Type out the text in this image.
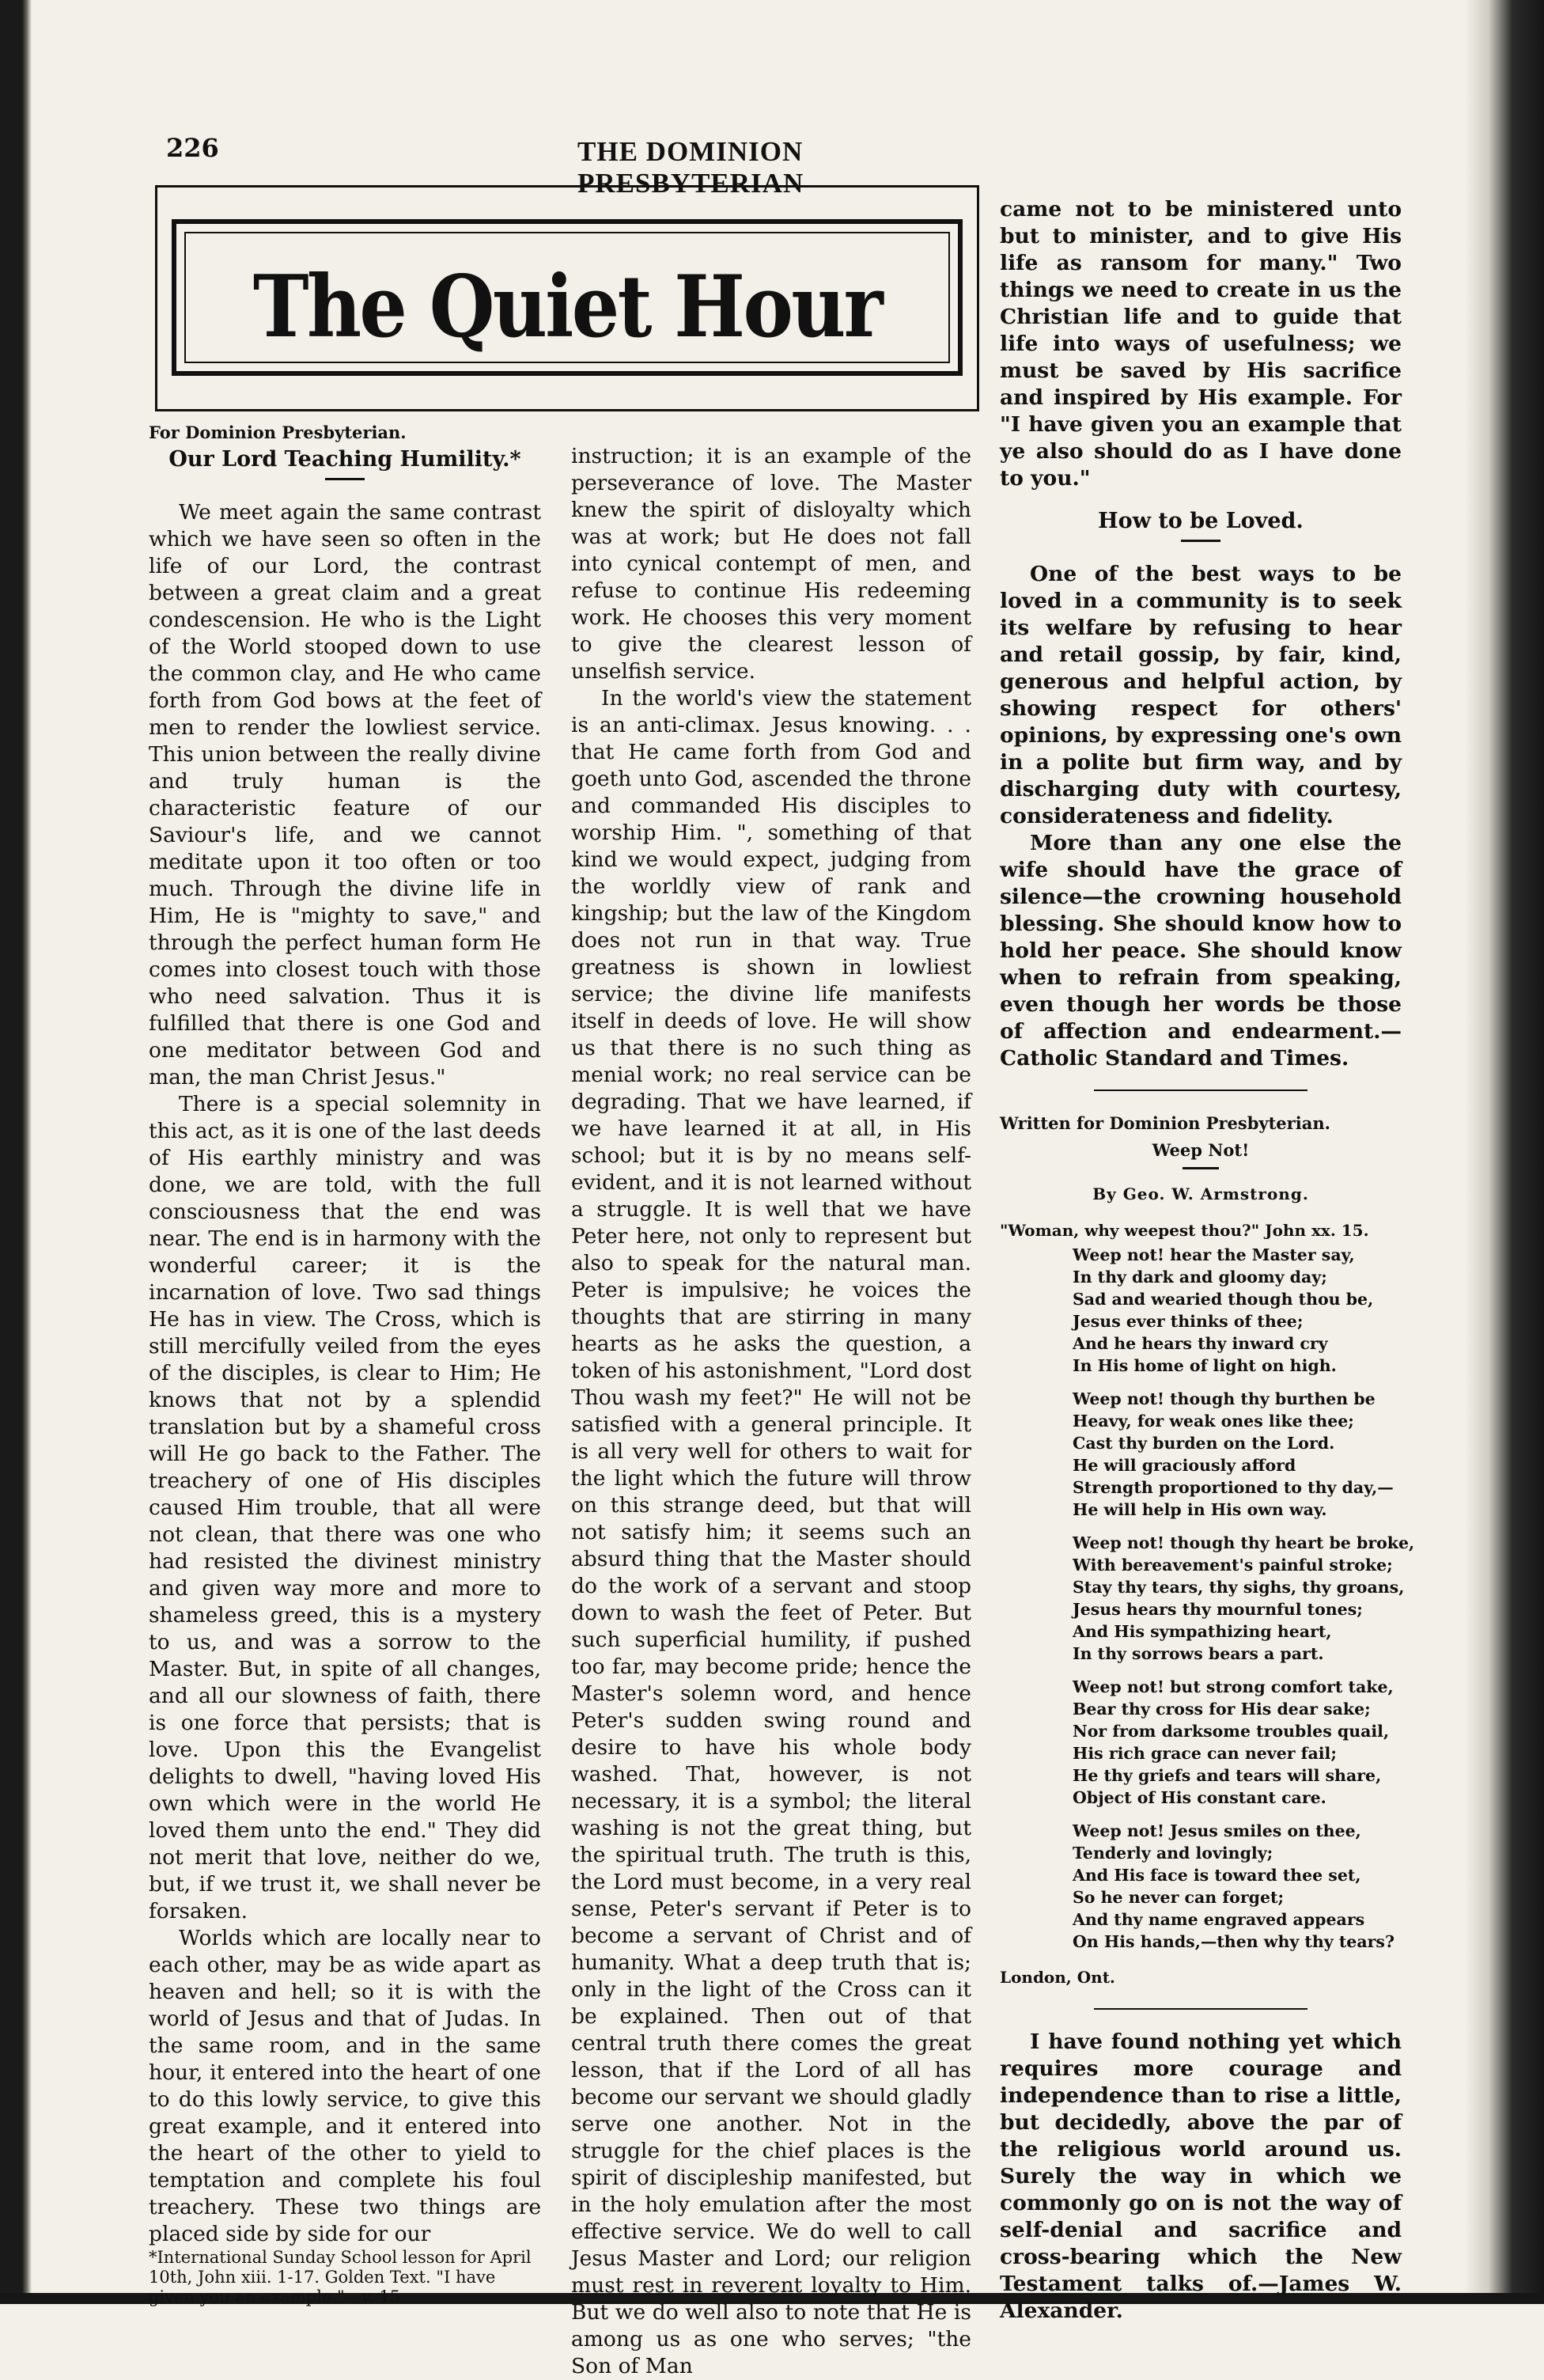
226	THE DOMINION PRESBYTERIAN
The Quiet Hour

For Dominion Presbyterian.

Our Lord Teaching Humility.*

We meet again the same contrast which we have seen so often in the life of our Lord, the contrast between a great claim and a great condescension. He who is the Light of the World stooped down to use the common clay, and He who came forth from God bows at the feet of men to render the lowliest service. This union between the really divine and truly human is the characteristic feature of our Saviour's life, and we cannot meditate upon it too often or too much. Through the divine life in Him, He is "mighty to save," and through the perfect human form He comes into closest touch with those who need salvation. Thus it is fulfilled that there is one God and one meditator between God and man, the man Christ Jesus."

There is a special solemnity in this act, as it is one of the last deeds of His earthly ministry and was done, we are told, with the full consciousness that the end was near. The end is in harmony with the wonderful career; it is the incarnation of love. Two sad things He has in view. The Cross, which is still mercifully veiled from the eyes of the disciples, is clear to Him; He knows that not by a splendid translation but by a shameful cross will He go back to the Father. The treachery of one of His disciples caused Him trouble, that all were not clean, that there was one who had resisted the divinest ministry and given way more and more to shameless greed, this is a mystery to us, and was a sorrow to the Master. But, in spite of all changes, and all our slowness of faith, there is one force that persists; that is love. Upon this the Evangelist delights to dwell, "having loved His own which were in the world He loved them unto the end." They did not merit that love, neither do we, but, if we trust it, we shall never be forsaken.

Worlds which are locally near to each other, may be as wide apart as heaven and hell; so it is with the world of Jesus and that of Judas. In the same room, and in the same hour, it entered into the heart of one to do this lowly service, to give this great example, and it entered into the heart of the other to yield to temptation and complete his foul treachery. These two things are placed side by side for our

*International Sunday School lesson for April 10th, John xiii. 1-17. Golden Text. "I have given you an example."—v. 15.

instruction; it is an example of the perseverance of love. The Master knew the spirit of disloyalty which was at work; but He does not fall into cynical contempt of men, and refuse to continue His redeeming work. He chooses this very moment to give the clearest lesson of unselfish service.

In the world's view the statement is an anti-climax. Jesus knowing. . . that He came forth from God and goeth unto God, ascended the throne and commanded His disciples to worship Him. ", something of that kind we would expect, judging from the worldly view of rank and kingship; but the law of the Kingdom does not run in that way. True greatness is shown in lowliest service; the divine life manifests itself in deeds of love. He will show us that there is no such thing as menial work; no real service can be degrading. That we have learned, if we have learned it at all, in His school; but it is by no means self-evident, and it is not learned without a struggle. It is well that we have Peter here, not only to represent but also to speak for the natural man. Peter is impulsive; he voices the thoughts that are stirring in many hearts as he asks the question, a token of his astonishment, "Lord dost Thou wash my feet?" He will not be satisfied with a general principle. It is all very well for others to wait for the light which the future will throw on this strange deed, but that will not satisfy him; it seems such an absurd thing that the Master should do the work of a servant and stoop down to wash the feet of Peter. But such superficial humility, if pushed too far, may become pride; hence the Master's solemn word, and hence Peter's sudden swing round and desire to have his whole body washed. That, however, is not necessary, it is a symbol; the literal washing is not the great thing, but the spiritual truth. The truth is this, the Lord must become, in a very real sense, Peter's servant if Peter is to become a servant of Christ and of humanity. What a deep truth that is; only in the light of the Cross can it be explained. Then out of that central truth there comes the great lesson, that if the Lord of all has become our servant we should gladly serve one another. Not in the struggle for the chief places is the spirit of discipleship manifested, but in the holy emulation after the most effective service. We do well to call Jesus Master and Lord; our religion must rest in reverent loyalty to Him. But we do well also to note that He is among us as one who serves; "the Son of Man

came not to be ministered unto but to minister, and to give His life as ransom for many." Two things we need to create in us the Christian life and to guide that life into ways of usefulness; we must be saved by His sacrifice and inspired by His example. For "I have given you an example that ye also should do as I have done to you."

How to be Loved.

One of the best ways to be loved in a community is to seek its welfare by refusing to hear and retail gossip, by fair, kind, generous and helpful action, by showing respect for others' opinions, by expressing one's own in a polite but firm way, and by discharging duty with courtesy, considerateness and fidelity.

More than any one else the wife should have the grace of silence—the crowning household blessing. She should know how to hold her peace. She should know when to refrain from speaking, even though her words be those of affection and endearment.—Catholic Standard and Times.

Written for Dominion Presbyterian.

Weep Not!
By Geo. W. Armstrong.

"Woman, why weepest thou?" John xx. 15.

Weep not! hear the Master say,
In thy dark and gloomy day;
Sad and wearied though thou be,
Jesus ever thinks of thee;
And he hears thy inward cry
In His home of light on high.
Weep not! though thy burthen be
Heavy, for weak ones like thee;
Cast thy burden on the Lord.
He will graciously afford
Strength proportioned to thy day,—
He will help in His own way.
Weep not! though thy heart be broke,
With bereavement's painful stroke;
Stay thy tears, thy sighs, thy groans,
Jesus hears thy mournful tones;
And His sympathizing heart,
In thy sorrows bears a part.
Weep not! but strong comfort take,
Bear thy cross for His dear sake;
Nor from darksome troubles quail,
His rich grace can never fail;
He thy griefs and tears will share,
Object of His constant care.
Weep not! Jesus smiles on thee,
Tenderly and lovingly;
And His face is toward thee set,
So he never can forget;
And thy name engraved appears
On His hands,—then why thy tears?

London, Ont.

I have found nothing yet which requires more courage and independence than to rise a little, but decidedly, above the par of the religious world around us. Surely the way in which we commonly go on is not the way of self-denial and sacrifice and cross-bearing which the New Testament talks of.—James W. Alexander.
